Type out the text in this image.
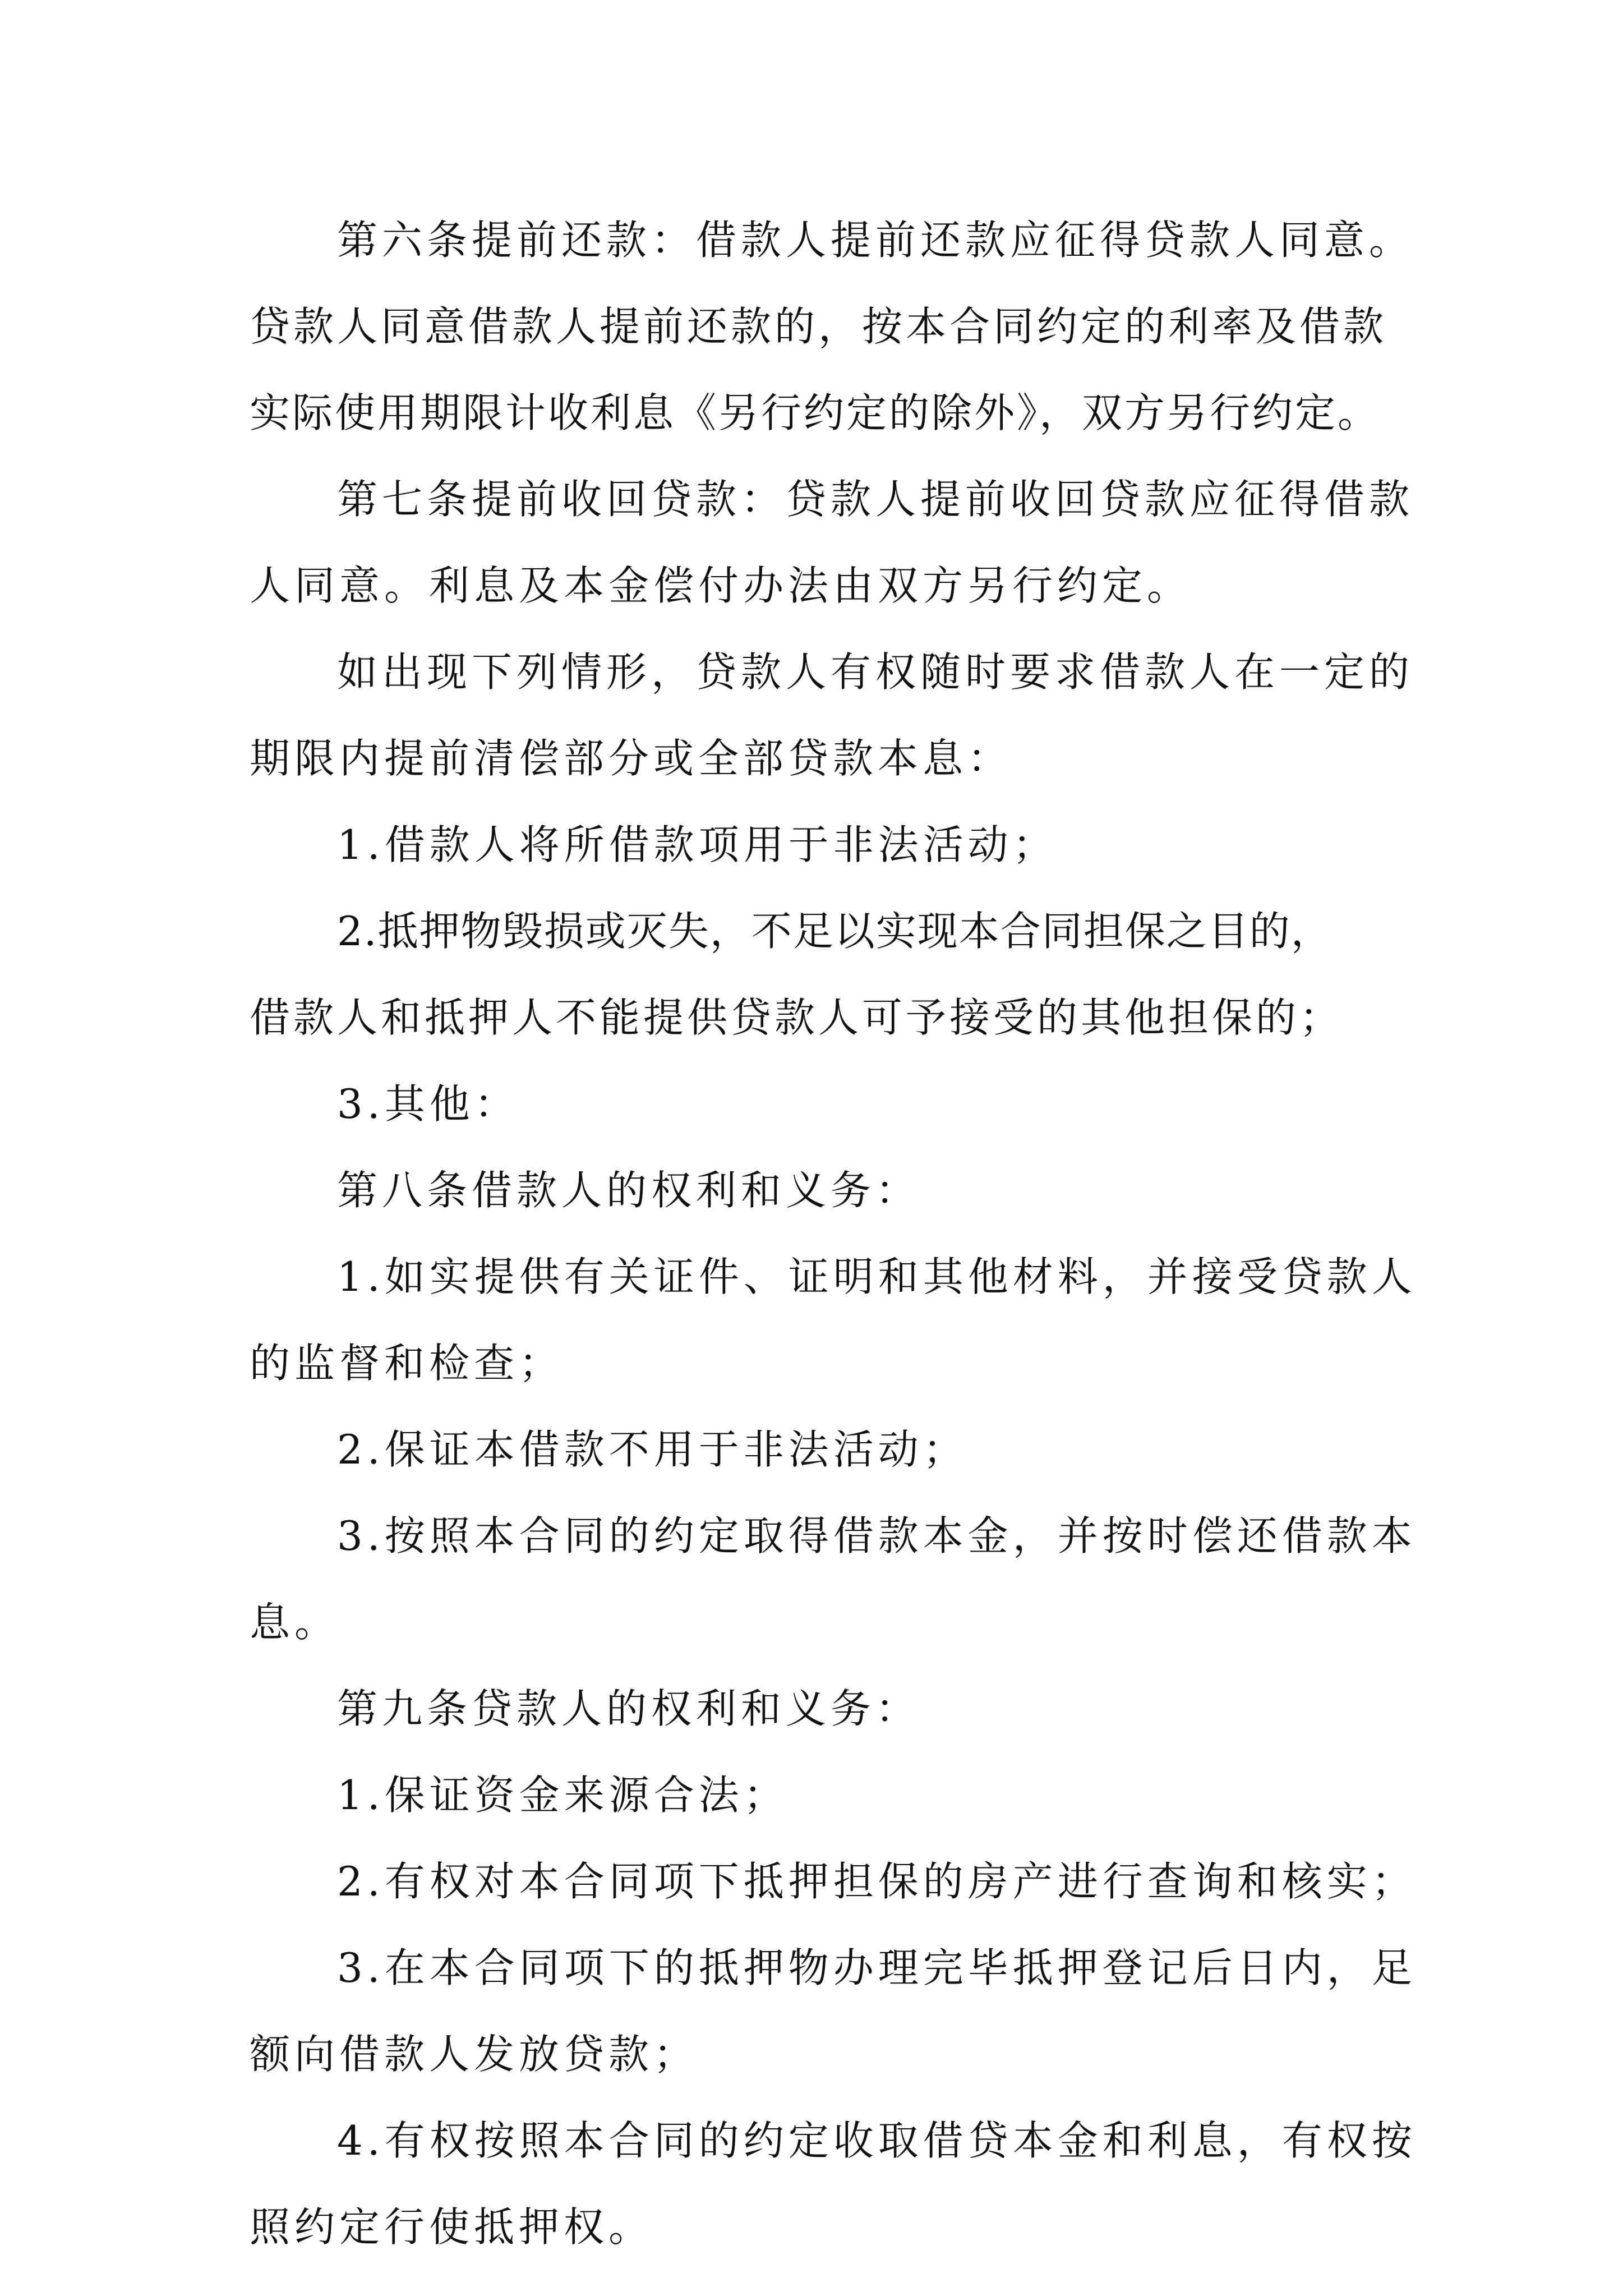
第六条提前还款：借款人提前还款应征得贷款人同意。

贷款人同意借款人提前还款的，按本合同约定的利率及借款

实际使用期限计收利息《另行约定的除外》，双方另行约定。

第七条提前收回贷款：贷款人提前收回贷款应征得借款

人同意。利息及本金偿付办法由双方另行约定。

如出现下列情形，贷款人有权随时要求借款人在一定的

期限内提前清偿部分或全部贷款本息：

1.借款人将所借款项用于非法活动；

2.抵押物毁损或灭失，不足以实现本合同担保之目的，

借款人和抵押人不能提供贷款人可予接受的其他担保的；

3.其他：

第八条借款人的权利和义务：

1.如实提供有关证件、证明和其他材料，并接受贷款人

的监督和检查；

2.保证本借款不用于非法活动；

3.按照本合同的约定取得借款本金，并按时偿还借款本

息。

第九条贷款人的权利和义务：

1.保证资金来源合法；

2.有权对本合同项下抵押担保的房产进行查询和核实；

3.在本合同项下的抵押物办理完毕抵押登记后日内，足

额向借款人发放贷款；

4.有权按照本合同的约定收取借贷本金和利息，有权按

照约定行使抵押权。
